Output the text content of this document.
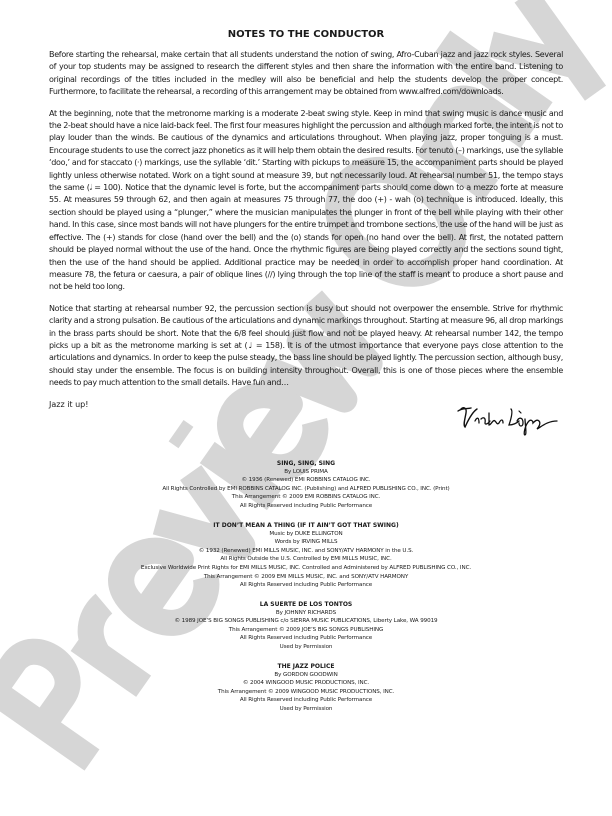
NOTES TO THE CONDUCTOR

Before starting the rehearsal, make certain that all students understand the notion of swing, Afro-Cuban jazz and jazz rock styles. Several of your top students may be assigned to research the different styles and then share the information with the entire band. Listening to original recordings of the titles included in the medley will also be beneficial and help the students develop the proper concept. Furthermore, to facilitate the rehearsal, a recording of this arrangement may be obtained from www.alfred.com/downloads.

At the beginning, note that the metronome marking is a moderate 2-beat swing style. Keep in mind that swing music is dance music and the 2-beat should have a nice laid-back feel. The first four measures highlight the percussion and although marked forte, the intent is not to play louder than the winds. Be cautious of the dynamics and articulations throughout. When playing jazz, proper tonguing is a must. Encourage students to use the correct jazz phonetics as it will help them obtain the desired results. For tenuto (–) markings, use the syllable ‘doo,’ and for staccato (·) markings, use the syllable ‘dit.’ Starting with pickups to measure 15, the accompaniment parts should be played lightly unless otherwise notated. Work on a tight sound at measure 39, but not necessarily loud. At rehearsal number 51, the tempo stays the same (𝅗𝅥 = 100). Notice that the dynamic level is forte, but the accompaniment parts should come down to a mezzo forte at measure 55. At measures 59 through 62, and then again at measures 75 through 77, the doo (+) - wah (o) technique is introduced. Ideally, this section should be played using a “plunger,” where the musician manipulates the plunger in front of the bell while playing with their other hand. In this case, since most bands will not have plungers for the entire trumpet and trombone sections, the use of the hand will be just as effective. The (+) stands for close (hand over the bell) and the (o) stands for open (no hand over the bell). At first, the notated pattern should be played normal without the use of the hand. Once the rhythmic figures are being played correctly and the sections sound tight, then the use of the hand should be applied. Additional practice may be needed in order to accomplish proper hand coordination. At measure 78, the fetura or caesura, a pair of oblique lines (//) lying through the top line of the staff is meant to produce a short pause and not be held too long.

Notice that starting at rehearsal number 92, the percussion section is busy but should not overpower the ensemble. Strive for rhythmic clarity and a strong pulsation. Be cautious of the articulations and dynamic markings throughout. Starting at measure 96, all drop markings in the brass parts should be short. Note that the 6/8 feel should just flow and not be played heavy. At rehearsal number 142, the tempo picks up a bit as the metronome marking is set at (♩ = 158). It is of the utmost importance that everyone pays close attention to the articulations and dynamics. In order to keep the pulse steady, the bass line should be played lightly. The percussion section, although busy, should stay under the ensemble. The focus is on building intensity throughout. Overall, this is one of those pieces where the ensemble needs to pay much attention to the small details. Have fun and…

Jazz it up!
SING, SING, SING
By LOUIS PRIMA
© 1936 (Renewed) EMI ROBBINS CATALOG INC.
All Rights Controlled by EMI ROBBINS CATALOG INC. (Publishing) and ALFRED PUBLISHING CO., INC. (Print)
This Arrangement © 2009 EMI ROBBINS CATALOG INC.
All Rights Reserved including Public Performance
IT DON’T MEAN A THING (IF IT AIN’T GOT THAT SWING)
Music by DUKE ELLINGTON
Words by IRVING MILLS
© 1932 (Renewed) EMI MILLS MUSIC, INC. and SONY/ATV HARMONY in the U.S.
All Rights Outside the U.S. Controlled by EMI MILLS MUSIC, INC.
Exclusive Worldwide Print Rights for EMI MILLS MUSIC, INC. Controlled and Administered by ALFRED PUBLISHING CO., INC.
This Arrangement © 2009 EMI MILLS MUSIC, INC. and SONY/ATV HARMONY
All Rights Reserved including Public Performance
LA SUERTE DE LOS TONTOS
By JOHNNY RICHARDS
© 1989 JOE’S BIG SONGS PUBLISHING c/o SIERRA MUSIC PUBLICATIONS, Liberty Lake, WA 99019
This Arrangement © 2009 JOE’S BIG SONGS PUBLISHING
All Rights Reserved including Public Performance
Used by Permission
THE JAZZ POLICE
By GORDON GOODWIN
© 2004 WINGOOD MUSIC PRODUCTIONS, INC.
This Arrangement © 2009 WINGOOD MUSIC PRODUCTIONS, INC.
All Rights Reserved including Public Performance
Used by Permission
